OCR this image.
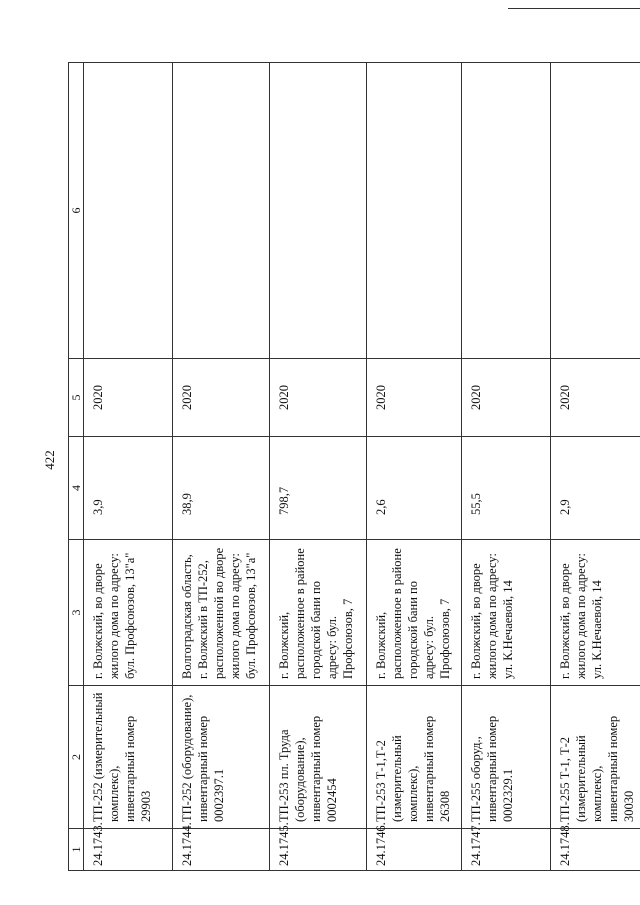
422
1	2	3	4	5	6
24.1743.	ТП-252 (измерительный комплекс), инвентарный номер 29903	г. Волжский, во дворе жилого дома по адресу: бул. Профсоюзов, 13"а"	3,9	2020	
24.1744.	ТП-252 (оборудование), инвентарный номер 0002397.1	Волгоградская область, г. Волжский в ТП-252, расположенной во дворе жилого дома по адресу: бул. Профсоюзов, 13"а"	38,9	2020	
24.1745.	ТП-253 пл. Труда (оборудование), инвентарный номер 0002454	г. Волжский, расположенное в районе городской бани по адресу: бул. Профсоюзов, 7	798,7	2020	
24.1746.	ТП-253 Т-1,Т-2 (измерительный комплекс), инвентарный номер 26308	г. Волжский, расположенное в районе городской бани по адресу: бул. Профсоюзов, 7	2,6	2020	
24.1747.	ТП-255 оборуд., инвентарный номер 0002329.1	г. Волжский, во дворе жилого дома по адресу: ул. К.Нечаевой, 14	55,5	2020	
24.1748.	ТП-255 Т-1, Т-2 (измерительный комплекс), инвентарный номер 30030	г. Волжский, во дворе жилого дома по адресу: ул. К.Нечаевой, 14	2,9	2020	
